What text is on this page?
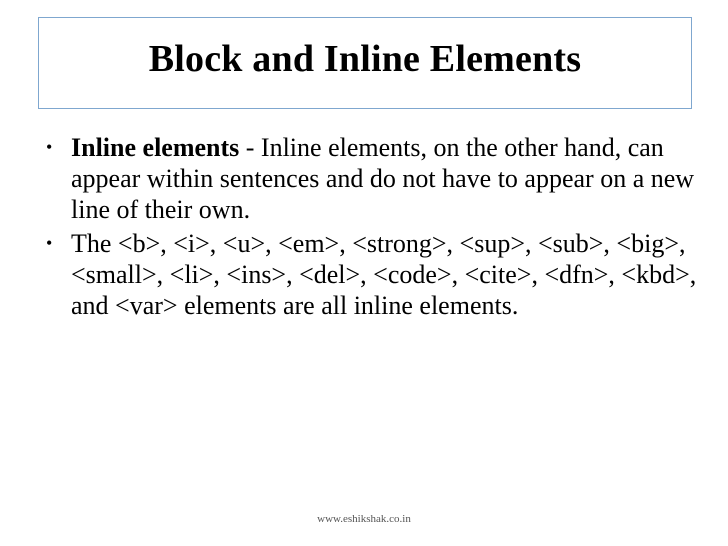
Block and Inline Elements
• Inline elements - Inline elements, on the other hand, can appear within sentences and do not have to appear on a new line of their own.
• The <b>, <i>, <u>, <em>, <strong>, <sup>, <sub>, <big>, <small>, <li>, <ins>, <del>, <code>, <cite>, <dfn>, <kbd>, and <var> elements are all inline elements.
www.eshikshak.co.in
